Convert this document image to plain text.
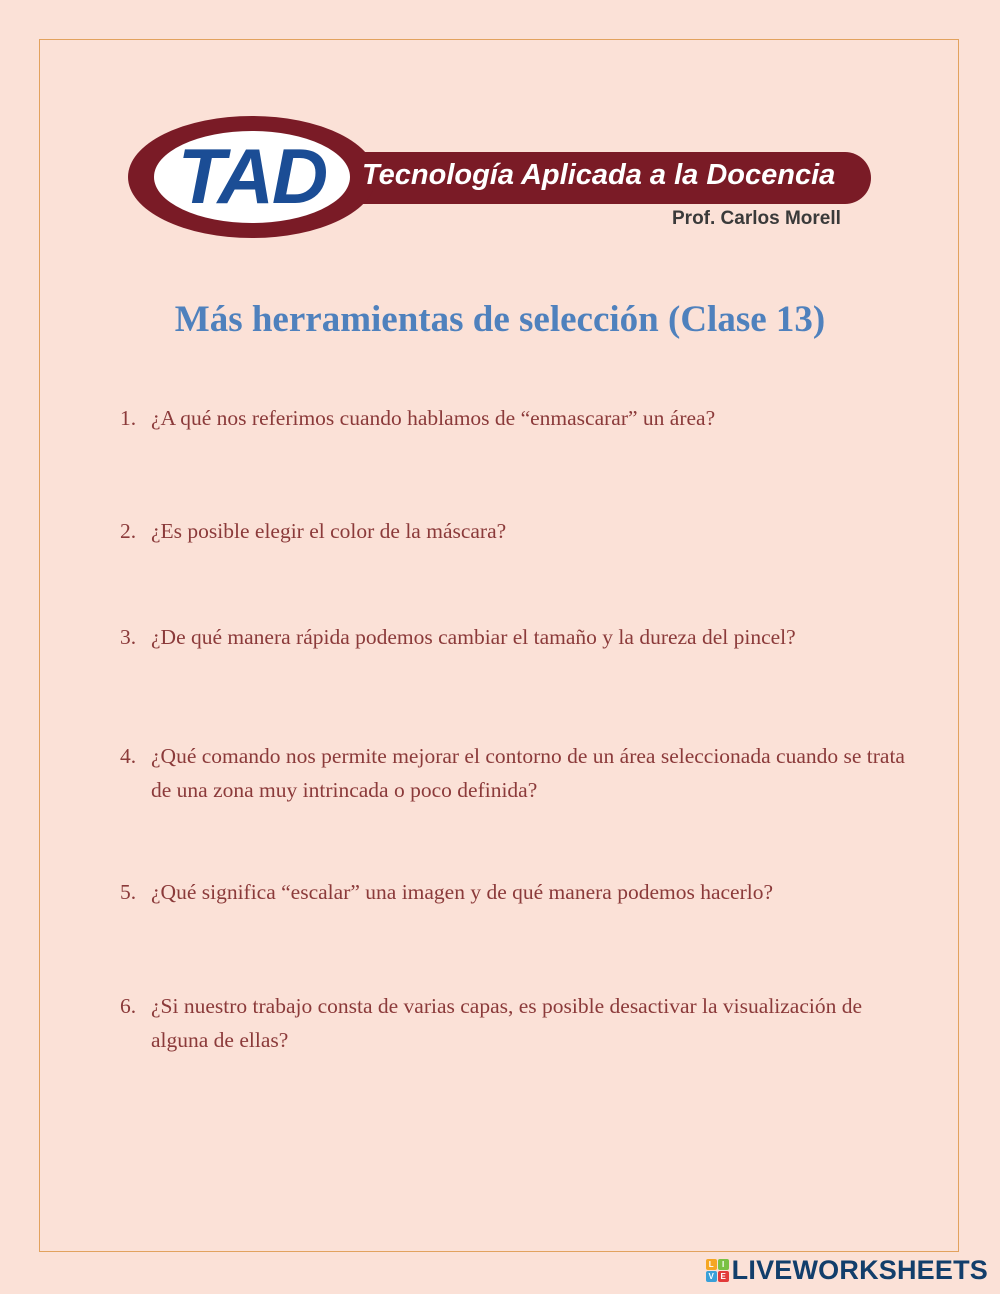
TAD Tecnología Aplicada a la Docencia
Prof. Carlos Morell
Más herramientas de selección (Clase 13)
1. ¿A qué nos referimos cuando hablamos de “enmascarar” un área?
2. ¿Es posible elegir el color de la máscara?
3. ¿De qué manera rápida podemos cambiar el tamaño y la dureza del pincel?
4. ¿Qué comando nos permite mejorar el contorno de un área seleccionada cuando se trata de una zona muy intrincada o poco definida?
5. ¿Qué significa “escalar” una imagen y de qué manera podemos hacerlo?
6. ¿Si nuestro trabajo consta de varias capas, es posible desactivar la visualización de alguna de ellas?
L	I
V E LIVEWORKSHEETS
